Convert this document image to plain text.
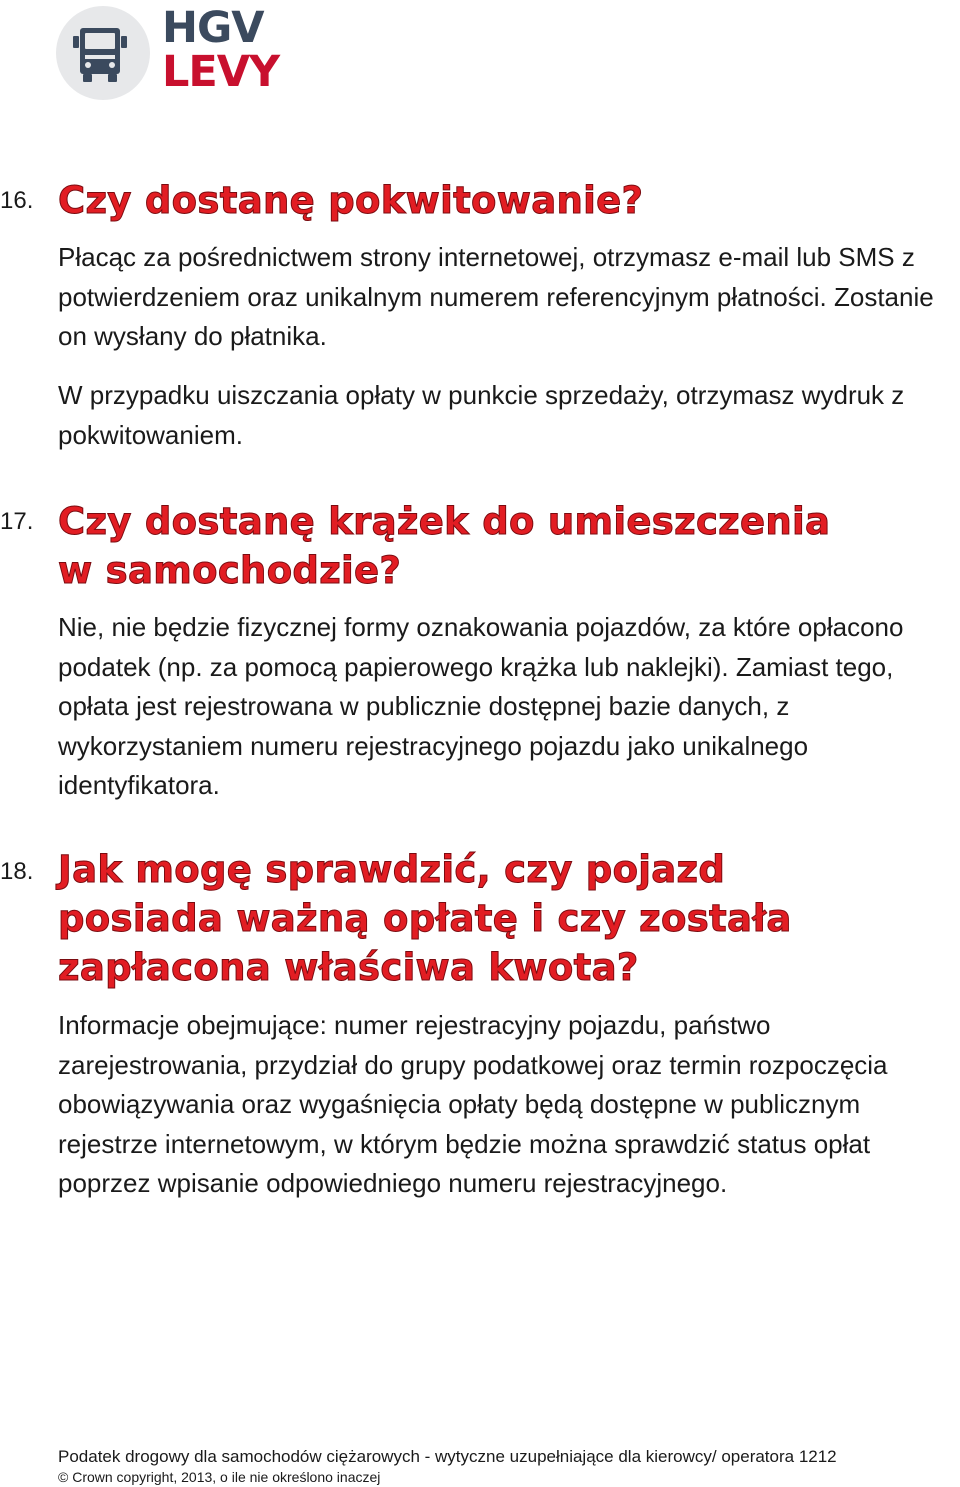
HGV
LEVY
16. Czy dostanę pokwitowanie?

Płacąc za pośrednictwem strony internetowej, otrzymasz e-mail lub SMS z potwierdzeniem oraz unikalnym numerem referencyjnym płatności. Zostanie on wysłany do płatnika.

W przypadku uiszczania opłaty w punkcie sprzedaży, otrzymasz wydruk z pokwitowaniem.

17. Czy dostanę krążek do umieszczenia w samochodzie?

Nie, nie będzie fizycznej formy oznakowania pojazdów, za które opłacono podatek (np. za pomocą papierowego krążka lub naklejki). Zamiast tego, opłata jest rejestrowana w publicznie dostępnej bazie danych, z wykorzystaniem numeru rejestracyjnego pojazdu jako unikalnego identyfikatora.

18. Jak mogę sprawdzić, czy pojazd posiada ważną opłatę i czy została zapłacona właściwa kwota?

Informacje obejmujące: numer rejestracyjny pojazdu, państwo zarejestrowania, przydział do grupy podatkowej oraz termin rozpoczęcia obowiązywania oraz wygaśnięcia opłaty będą dostępne w publicznym rejestrze internetowym, w którym będzie można sprawdzić status opłat poprzez wpisanie odpowiedniego numeru rejestracyjnego.

Podatek drogowy dla samochodów ciężarowych - wytyczne uzupełniające dla kierowcy/ operatora 1212
© Crown copyright, 2013, o ile nie określono inaczej
